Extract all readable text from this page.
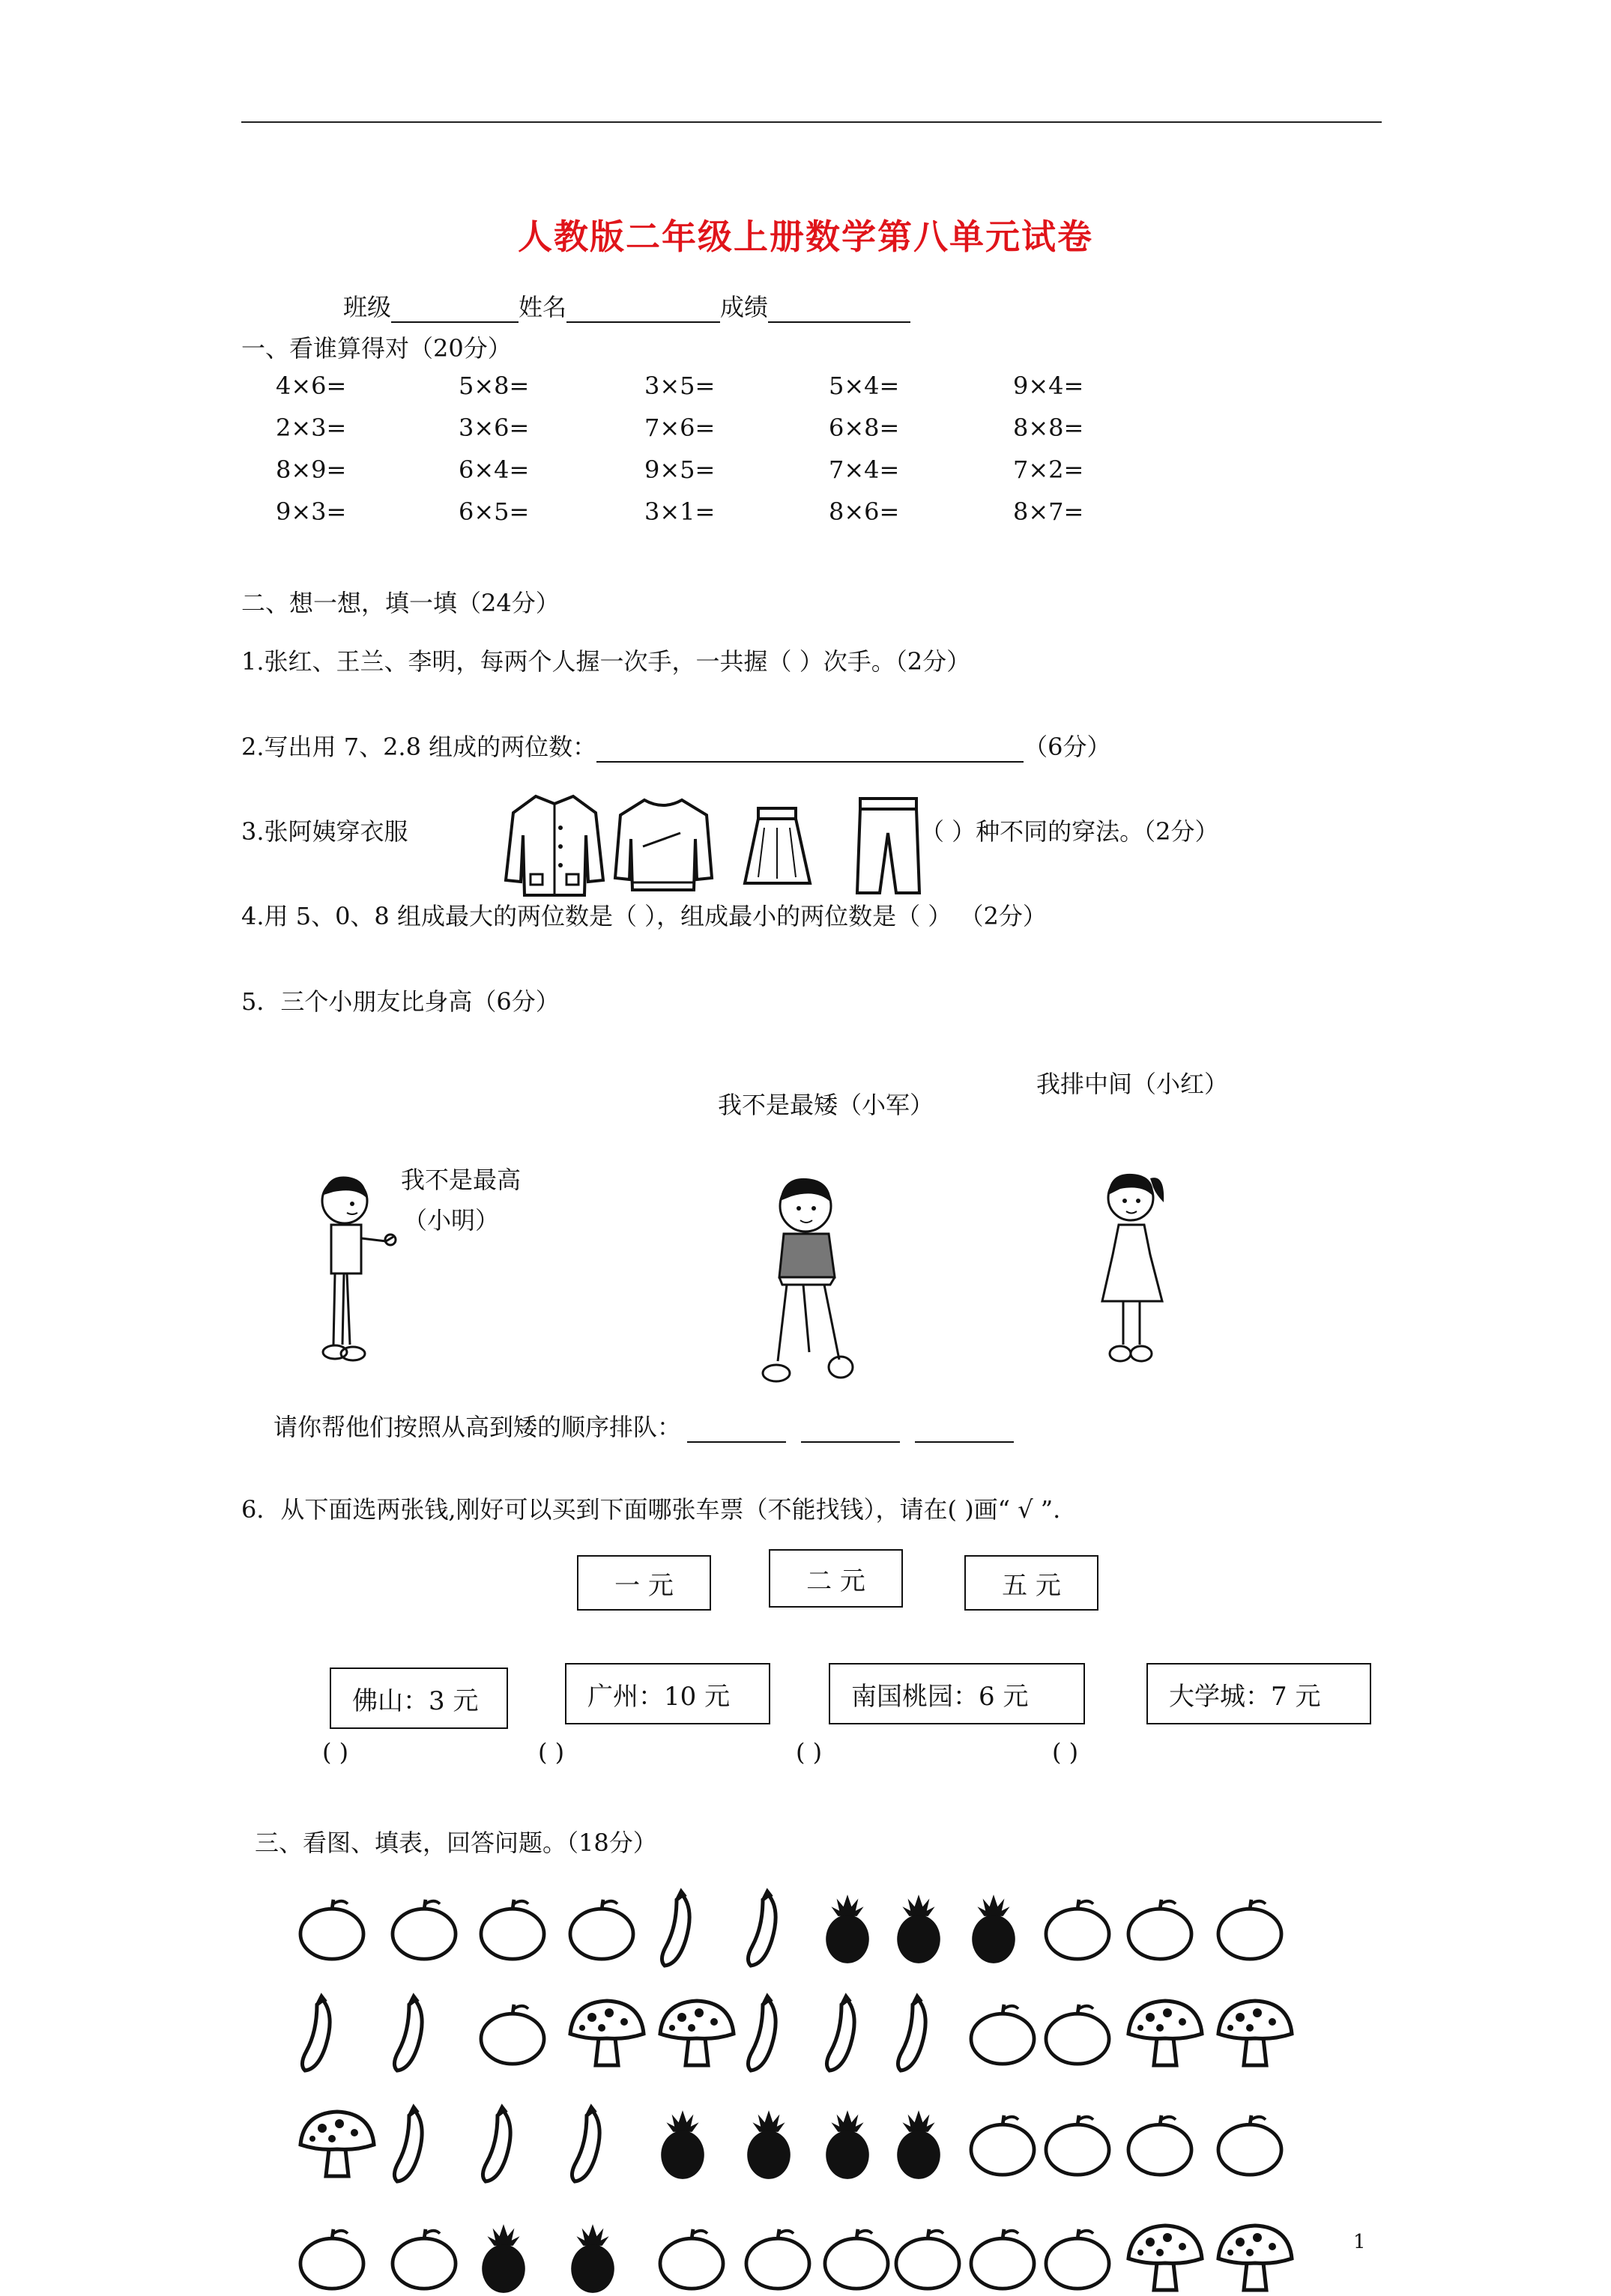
人教版二年级上册数学第八单元试卷
班级	姓名	成绩
一、看谁算得对（20分）
4×6=	5×8=	3×5=	5×4=	9×4=
2×3=	3×6=	7×6=	6×8=	8×8=
8×9=	6×4=	9×5=	7×4=	7×2=
9×3=	6×5=	3×1=	8×6=	8×7=
二、想一想，填一填（24分）
1.张红、王兰、李明，每两个人握一次手，一共握（ ）次手。（2分）
2.写出用 7、2.8 组成的两位数：	（6分）
3.张阿姨穿衣服	（ ）种不同的穿法。（2分）
4.用 5、0、8 组成最大的两位数是（ ），组成最小的两位数是（ ） （2分）
5．三个小朋友比身高（6分）
我排中间（小红）
我不是最矮（小军）
我不是最高
（小明）
请你帮他们按照从高到矮的顺序排队：
6．从下面选两张钱,刚好可以买到下面哪张车票（不能找钱），请在( )画“ √ ”.
一 元	二 元	五 元
佛山：3 元	广州：10 元	南国桃园：6 元	大学城：7 元
( )	( )	( )	( )
三、看图、填表，回答问题。（18分）
1
